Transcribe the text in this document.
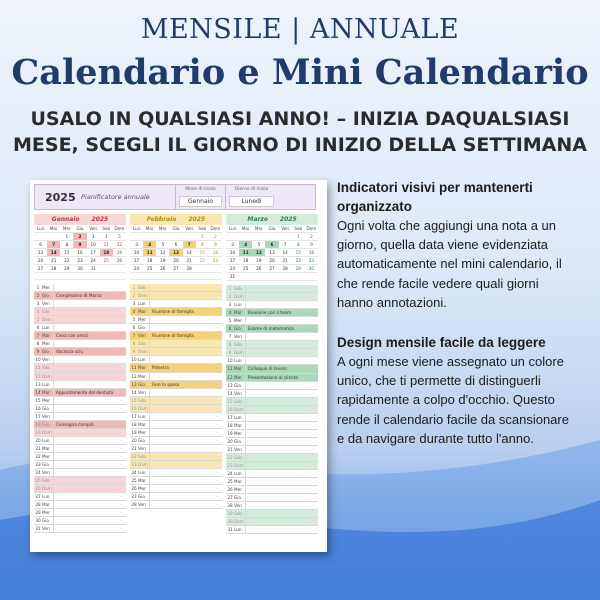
MENSILE | ANNUALE
Calendario e Mini Calendario
USALO IN QUALSIASI ANNO! – INIZIA DAQUALSIASI
MESE, SCEGLI IL GIORNO DI INIZIO DELLA SETTIMANA
2025 Pianificatore annuale
Mese di inizio
Gennaio
Giorno di inizio
Lunedì
Gennaio  2025
Lun	Mar	Mer	Gio	Ven	Sab	Dom
		1	2	3	4	5
6	7	8	9	10	11	12
13	14	15	16	17	18	19
20	21	22	23	24	25	26
27	28	29	30	31		

1 Mer
2 Gio	Compleanno di Marco
3 Ven
4 Sab
5 Dom
6 Lun
7 Mar	Cena con amici
8 Mer
9 Gio	Vacanza sciu
10 Ven
11 Sab
12 Dom
13 Lun
14 Mar	Appuntamento dal dentista
15 Mer
16 Gio
17 Ven
18 Sab	Consegna compiti
19 Dom
20 Lun
21 Mar
22 Mer
23 Gio
24 Ven
25 Sab
26 Dom
27 Lun
28 Mar
29 Mer
30 Gio
31 Ven
Febbraio  2025
Lun	Mar	Mer	Gio	Ven	Sab	Dom
					1	2
3	4	5	6	7	8	9
10	11	12	13	14	15	16
17	18	19	20	21	22	23
24	25	26	27	28		

1 Sab
2 Dom
3 Lun
4 Mar	Riunione di famiglia
5 Mer
6 Gio
7 Ven	Riunione di famiglia
8 Sab
9 Dom
10 Lun
11 Mar	Palestra
12 Mer
13 Gio	Fare la spesa
14 Ven
15 Sab
16 Dom
17 Lun
18 Mar
19 Mer
20 Gio
21 Ven
22 Sab
23 Dom
24 Lun
25 Mar
26 Mer
27 Gio
28 Ven
Marzo  2025
Lun	Mar	Mer	Gio	Ven	Sab	Dom
					1	2
3	4	5	6	7	8	9
10	11	12	13	14	15	16
17	18	19	20	21	22	23
24	25	26	27	28	29	30
31						
1 Sab
2 Dom
3 Lun
4 Mar	Riunione con il team
5 Mer
6 Gio	Esame di matematica
7 Ven
8 Sab
9 Dom
10 Lun
11 Mar	Colloquio di lavoro
12 Mer	Presentazione al cliente
13 Gio
14 Ven
15 Sab
16 Dom
17 Lun
18 Mar
19 Mer
20 Gio
21 Ven
22 Sab
23 Dom
24 Lun
25 Mar
26 Mer
27 Gio
28 Ven
29 Sab
30 Dom
31 Lun
Indicatori visivi per mantenerti organizzato

Ogni volta che aggiungi una nota a un giorno, quella data viene evidenziata automaticamente nel mini calendario, il che rende facile vedere quali giorni hanno annotazioni.

Design mensile facile da leggere

A ogni mese viene assegnato un colore unico, che ti permette di distinguerli rapidamente a colpo d'occhio. Questo rende il calendario facile da scansionare e da navigare durante tutto l'anno.
